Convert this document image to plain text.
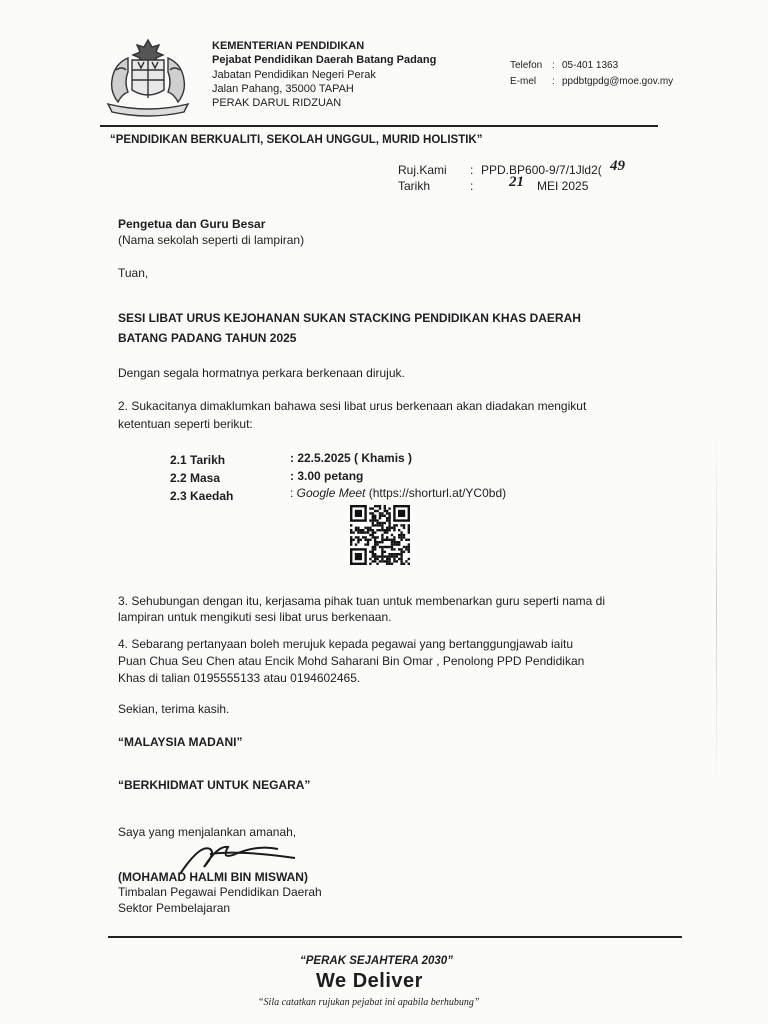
KEMENTERIAN PENDIDIKAN
Pejabat Pendidikan Daerah Batang Padang
Jabatan Pendidikan Negeri Perak
Jalan Pahang, 35000 TAPAH
PERAK DARUL RIDZUAN
Telefon : 05-401 1363
E-mel : ppdbtgpdg@moe.gov.my
“PENDIDIKAN BERKUALITI, SEKOLAH UNGGUL, MURID HOLISTIK”
Ruj.Kami : PPD.BP600-9/7/1Jld2( 49
Tarikh	: 21 MEI 2025
Pengetua dan Guru Besar
(Nama sekolah seperti di lampiran)
Tuan,
SESI LIBAT URUS KEJOHANAN SUKAN STACKING PENDIDIKAN KHAS DAERAH
BATANG PADANG TAHUN 2025
Dengan segala hormatnya perkara berkenaan dirujuk.
2. Sukacitanya dimaklumkan bahawa sesi libat urus berkenaan akan diadakan mengikut
ketentuan seperti berikut:
2.1 Tarikh	: 22.5.2025 ( Khamis )
2.2 Masa	: 3.00 petang
2.3 Kaedah	: Google Meet (https://shorturl.at/YC0bd)
3. Sehubungan dengan itu, kerjasama pihak tuan untuk membenarkan guru seperti nama di
lampiran untuk mengikuti sesi libat urus berkenaan.
4. Sebarang pertanyaan boleh merujuk kepada pegawai yang bertanggungjawab iaitu
Puan Chua Seu Chen atau Encik Mohd Saharani Bin Omar , Penolong PPD Pendidikan
Khas di talian 0195555133 atau 0194602465.
Sekian, terima kasih.
“MALAYSIA MADANI”
“BERKHIDMAT UNTUK NEGARA”
Saya yang menjalankan amanah,
(MOHAMAD HALMI BIN MISWAN)
Timbalan Pegawai Pendidikan Daerah
Sektor Pembelajaran
“PERAK SEJAHTERA 2030”
We Deliver
“Sila catatkan rujukan pejabat ini apabila berhubung”
